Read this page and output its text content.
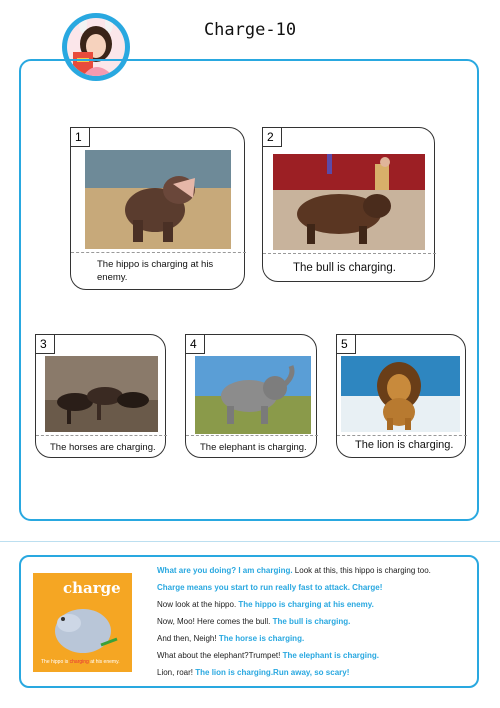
Charge-10
1
The hippo is charging at his enemy.
2
The bull is charging.
3
The horses are charging.
4
The elephant is charging.
5
The lion is charging.
charge
The hippo is charging at his enemy.
What are you doing? I am charging. Look at this, this hippo is charging too.
Charge means you start to run really fast to attack. Charge!
Now look at the hippo. The hippo is charging at his enemy.
Now, Moo! Here comes the bull. The bull is charging.
And then, Neigh! The horse is charging.
What about the elephant?Trumpet! The elephant is charging.
Lion, roar! The lion is charging.Run away, so scary!
